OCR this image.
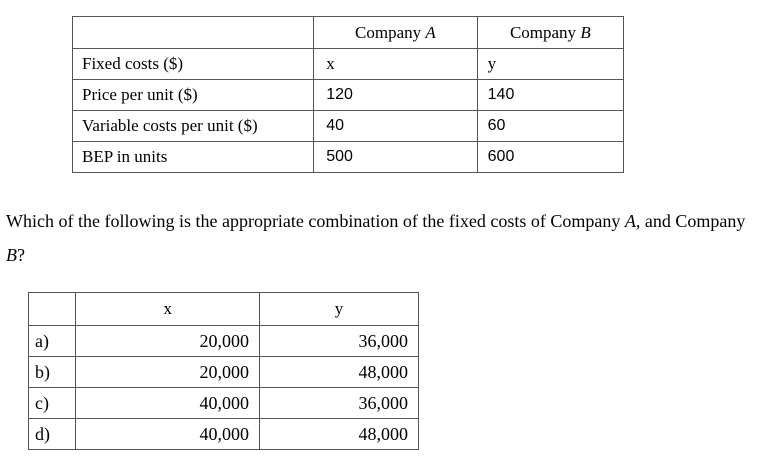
	Company A	Company B
Fixed costs ($)	x	y
Price per unit ($)	120	140
Variable costs per unit ($)	40	60
BEP in units	500	600

Which of the following is the appropriate combination of the fixed costs of Company A, and Company B?

	x	y
a)	20,000	36,000
b)	20,000	48,000
c)	40,000	36,000
d)	40,000	48,000
